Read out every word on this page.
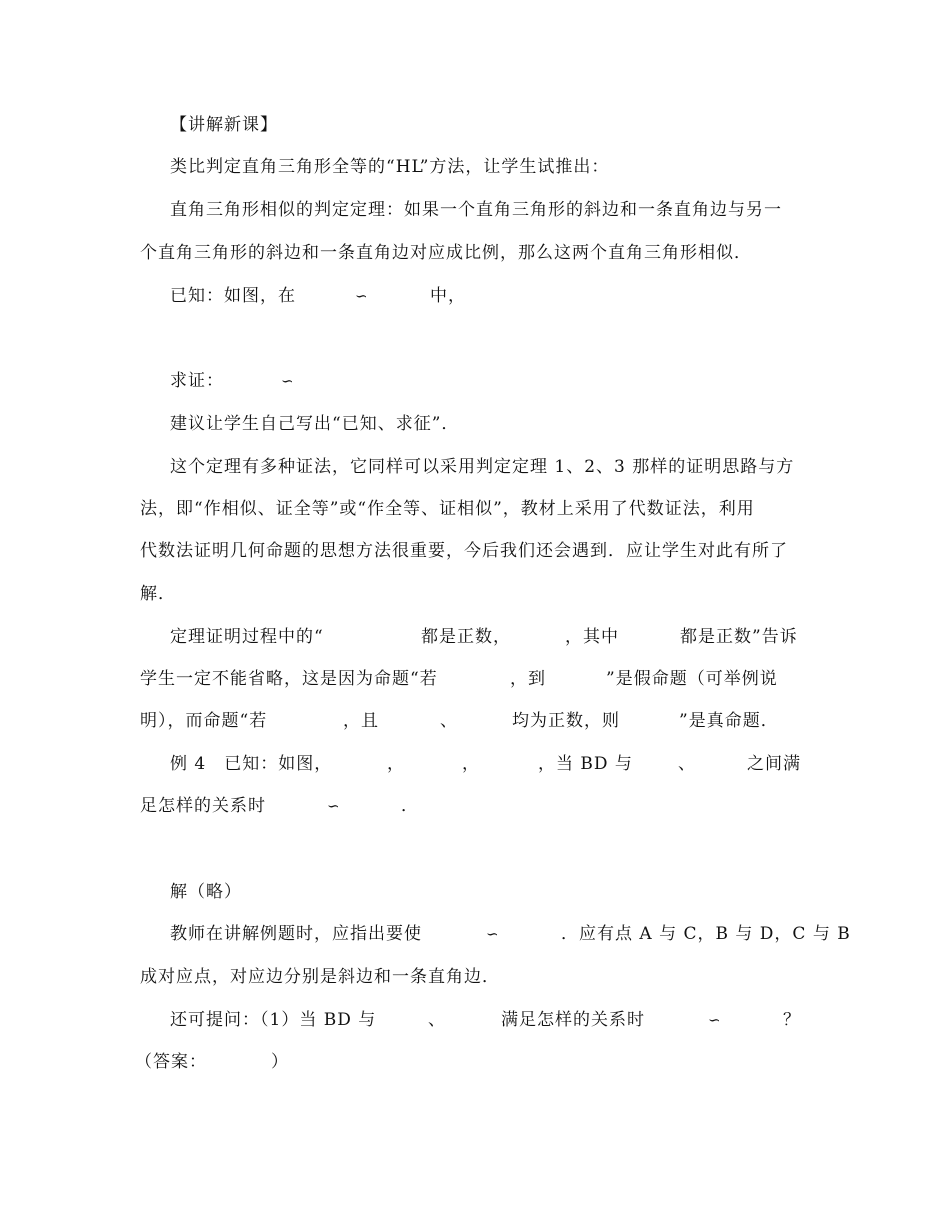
【讲解新课】
类比判定直角三角形全等的“HL”方法，让学生试推出：
直角三角形相似的判定定理：如果一个直角三角形的斜边和一条直角边与另一
个直角三角形的斜边和一条直角边对应成比例，那么这两个直角三角形相似．
已知：如图，在	∽	中，
求证：	∽
建议让学生自己写出“已知、求征”．
这个定理有多种证法，它同样可以采用判定定理 1、2、3 那样的证明思路与方
法，即“作相似、证全等”或“作全等、证相似”，教材上采用了代数证法，利用
代数法证明几何命题的思想方法很重要，今后我们还会遇到．应让学生对此有所了
解．
定理证明过程中的“	都是正数，	，其中	都是正数”告诉
学生一定不能省略，这是因为命题“若	，到	”是假命题（可举例说
明），而命题“若	，且	、	均为正数，则	”是真命题．
例 4　已知：如图，	，	，	，当 BD 与	、	之间满
足怎样的关系时	∽	．
解（略）
教师在讲解例题时，应指出要使	∽	．应有点 A 与 C，B 与 D，C 与 B
成对应点，对应边分别是斜边和一条直角边．
还可提问：（1）当 BD 与	、	满足怎样的关系时	∽	？
（答案：	）
